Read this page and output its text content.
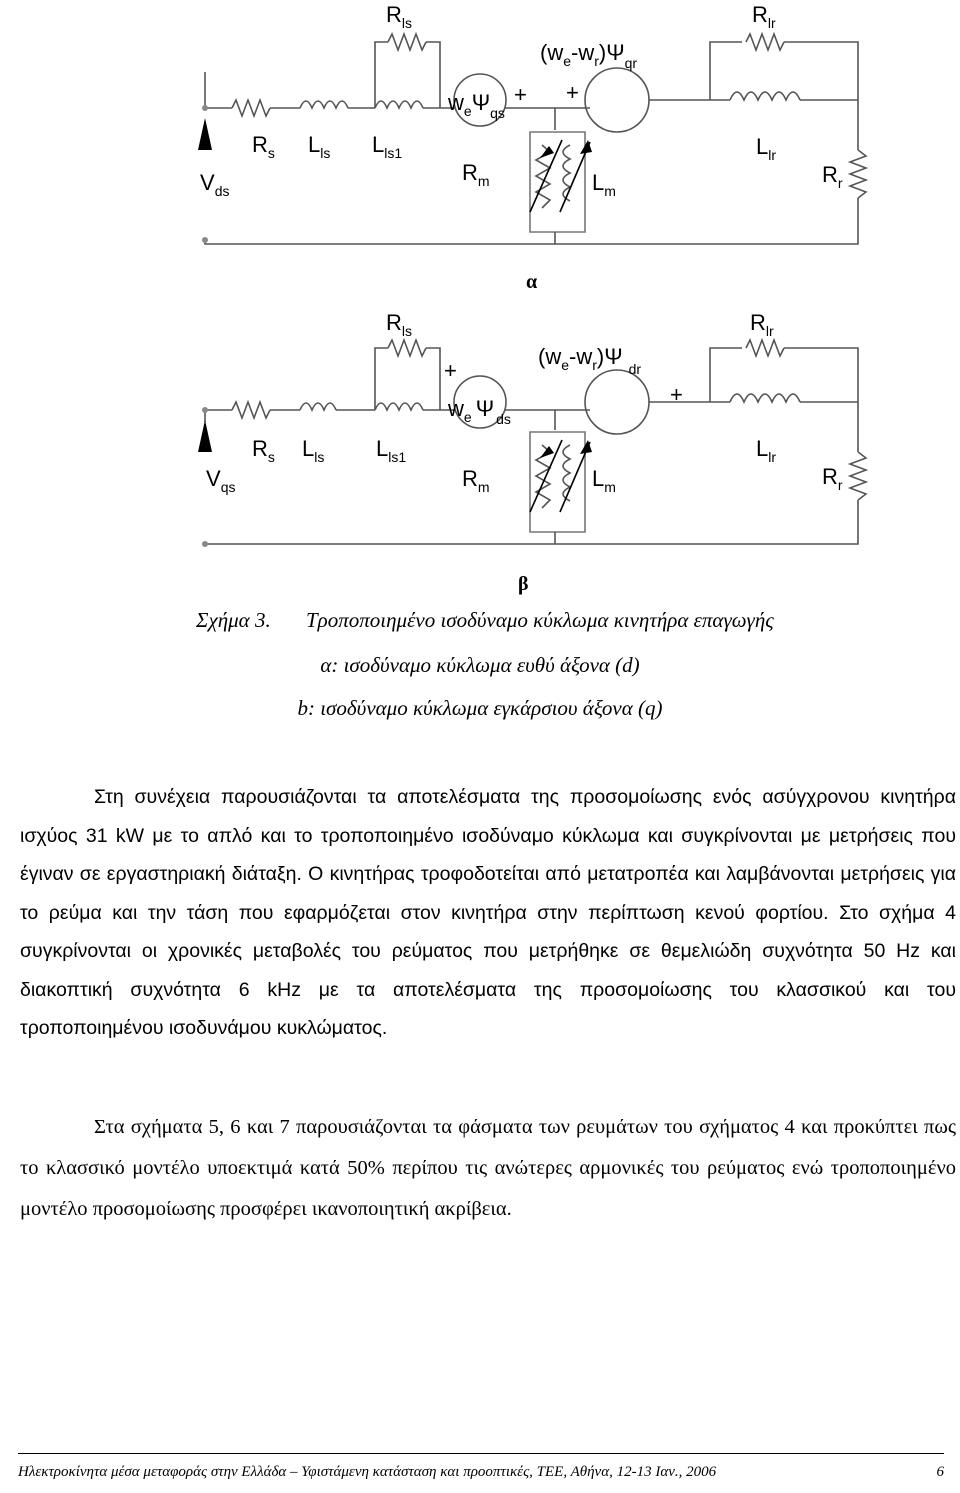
$V_{ds}$
$R_s$ $L_{ls}$ $L_{ls1}$
$R_{ls}$
$w_e\Psi_{qs}$
+
$(w_e-w_r)\Psi_{qr}$
+
$R_m$	$L_m$
$R_{lr}$
$L_{lr}$
$R_r$
α
$V_{qs}$
$R_s$ $L_{ls}$ $L_{ls1}$
$R_{ls}$
+
$w_e$ Ψ $_{ds}$
$(w_e-w_r)\Psi$ $_{dr}$
+
$R_m$	$L_m$
$R_{lr}$
$L_{lr}$
$R_r$
β
Σχήμα 3. Τροποποιημένο ισοδύναμο κύκλωμα κινητήρα επαγωγής
α: ισοδύναμο κύκλωμα ευθύ άξονα (d)
b: ισοδύναμο κύκλωμα εγκάρσιου άξονα (q)

Στη συνέχεια παρουσιάζονται τα αποτελέσματα της προσομοίωσης ενός ασύγχρονου κινητήρα ισχύος 31 kW με το απλό και το τροποποιημένο ισοδύναμο κύκλωμα και συγκρίνονται με μετρήσεις που έγιναν σε εργαστηριακή διάταξη. Ο κινητήρας τροφοδοτείται από μετατροπέα και λαμβάνονται μετρήσεις για το ρεύμα και την τάση που εφαρμόζεται στον κινητήρα στην περίπτωση κενού φορτίου. Στο σχήμα 4 συγκρίνονται οι χρονικές μεταβολές του ρεύματος που μετρήθηκε σε θεμελιώδη συχνότητα 50 Hz και διακοπτική συχνότητα 6 kHz με τα αποτελέσματα της προσομοίωσης του κλασσικού και του τροποποιημένου ισοδυνάμου κυκλώματος.

Στα σχήματα 5, 6 και 7 παρουσιάζονται τα φάσματα των ρευμάτων του σχήματος 4 και προκύπτει πως το κλασσικό μοντέλο υποεκτιμά κατά 50% περίπου τις ανώτερες αρμονικές του ρεύματος ενώ τροποποιημένο μοντέλο προσομοίωσης προσφέρει ικανοποιητική ακρίβεια.

Ηλεκτροκίνητα μέσα μεταφοράς στην Ελλάδα – Υφιστάμενη κατάσταση και προοπτικές, ΤΕΕ, Αθήνα, 12-13 Ιαν., 2006	6
